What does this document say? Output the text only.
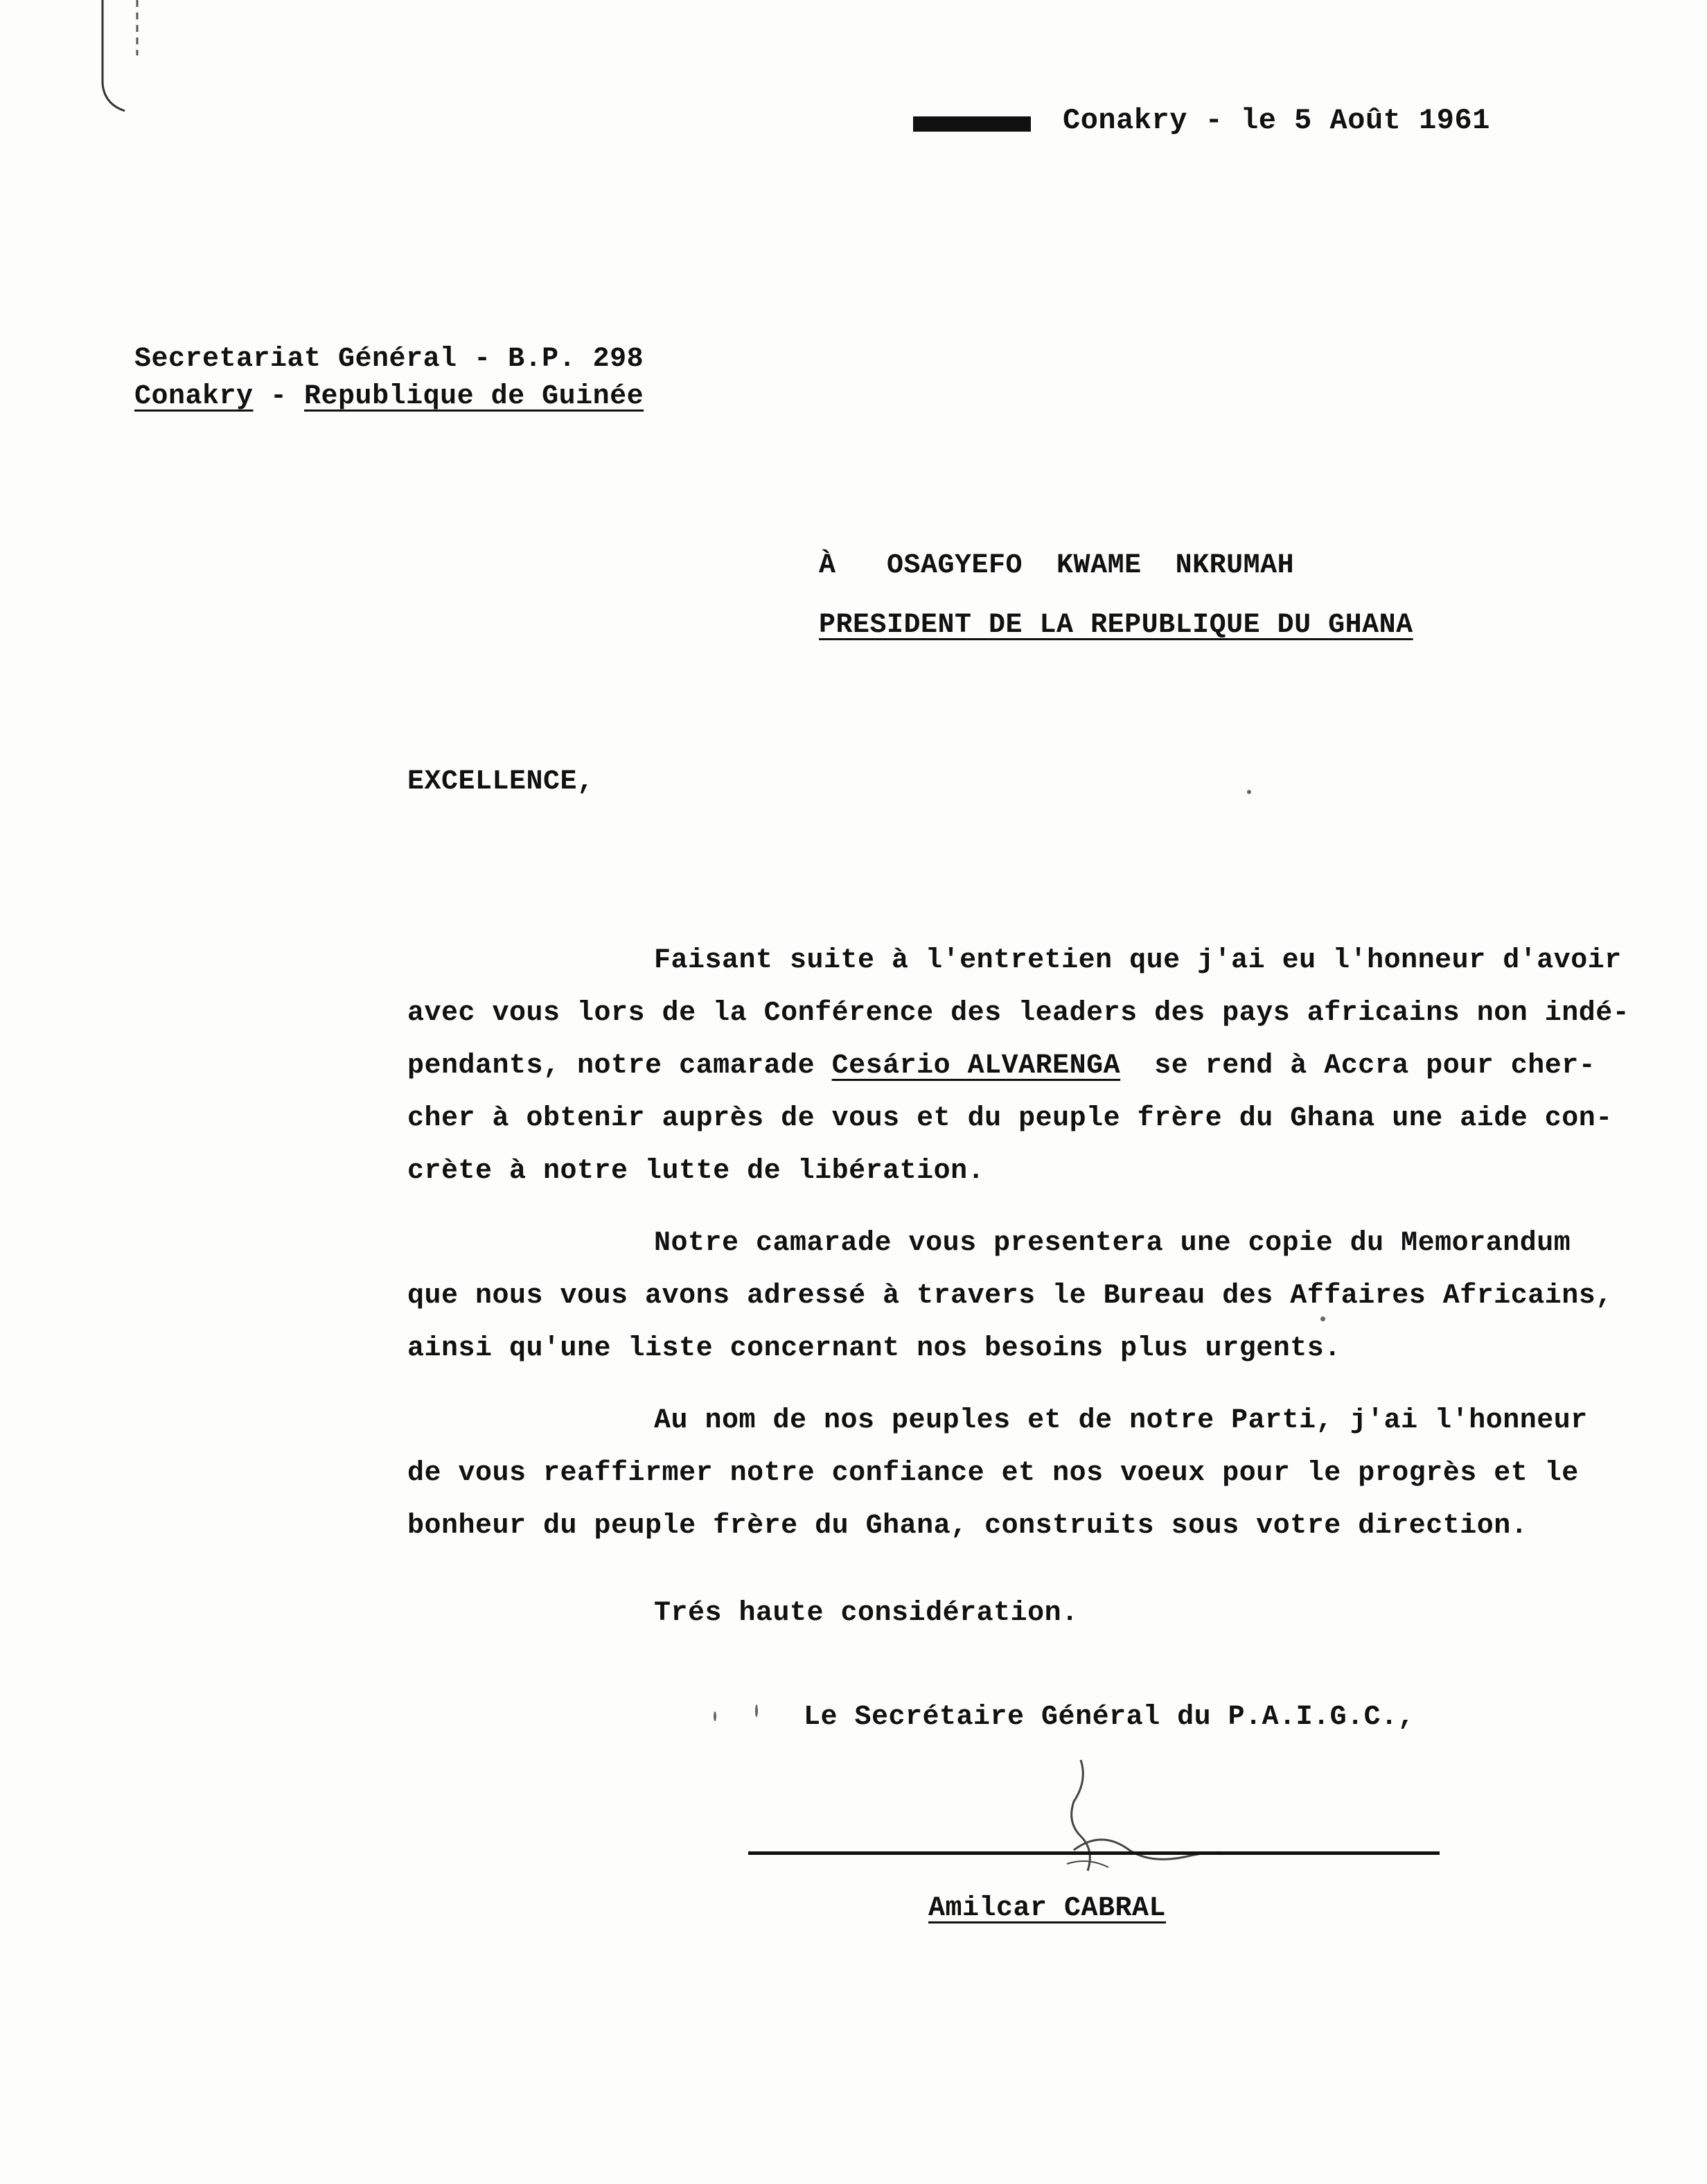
Conakry - le 5 Août 1961
Secretariat Général - B.P. 298
Conakry - Republique de Guinée
À   OSAGYEFO  KWAME  NKRUMAH
PRESIDENT DE LA REPUBLIQUE DU GHANA
EXCELLENCE,
Faisant suite à l'entretien que j'ai eu l'honneur d'avoir
avec vous lors de la Conférence des leaders des pays africains non indé-
pendants, notre camarade Cesário ALVARENGA  se rend à Accra pour cher-
cher à obtenir auprès de vous et du peuple frère du Ghana une aide con-
crète à notre lutte de libération.
Notre camarade vous presentera une copie du Memorandum
que nous vous avons adressé à travers le Bureau des Affaires Africains,
ainsi qu'une liste concernant nos besoins plus urgents.
Au nom de nos peuples et de notre Parti, j'ai l'honneur
de vous reaffirmer notre confiance et nos voeux pour le progrès et le
bonheur du peuple frère du Ghana, construits sous votre direction.
Trés haute considération.
Le Secrétaire Général du P.A.I.G.C.,
Amilcar CABRAL
